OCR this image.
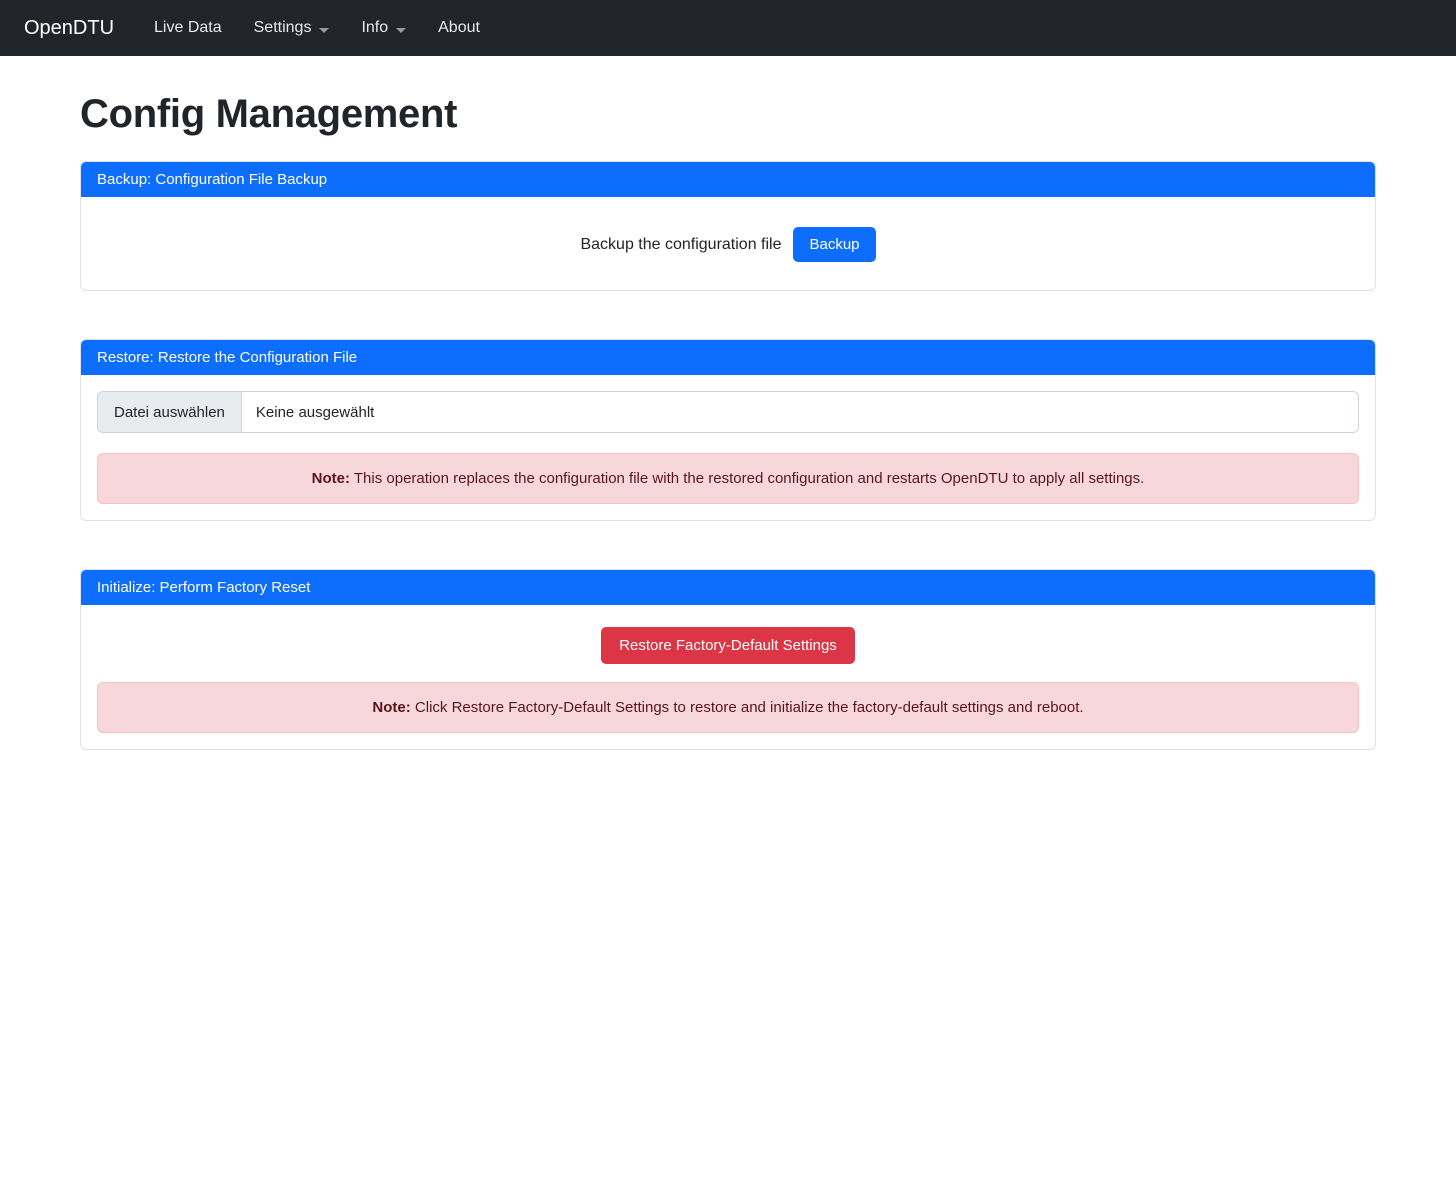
OpenDTU	Live Data Settings	Info	About
Config Management
Backup: Configuration File Backup
Backup the configuration file	Backup
Restore: Restore the Configuration File
Datei auswählen	Keine ausgewählt
Note: This operation replaces the configuration file with the restored configuration and restarts OpenDTU to apply all settings.
Initialize: Perform Factory Reset
Restore Factory-Default Settings
Note: Click Restore Factory-Default Settings to restore and initialize the factory-default settings and reboot.
